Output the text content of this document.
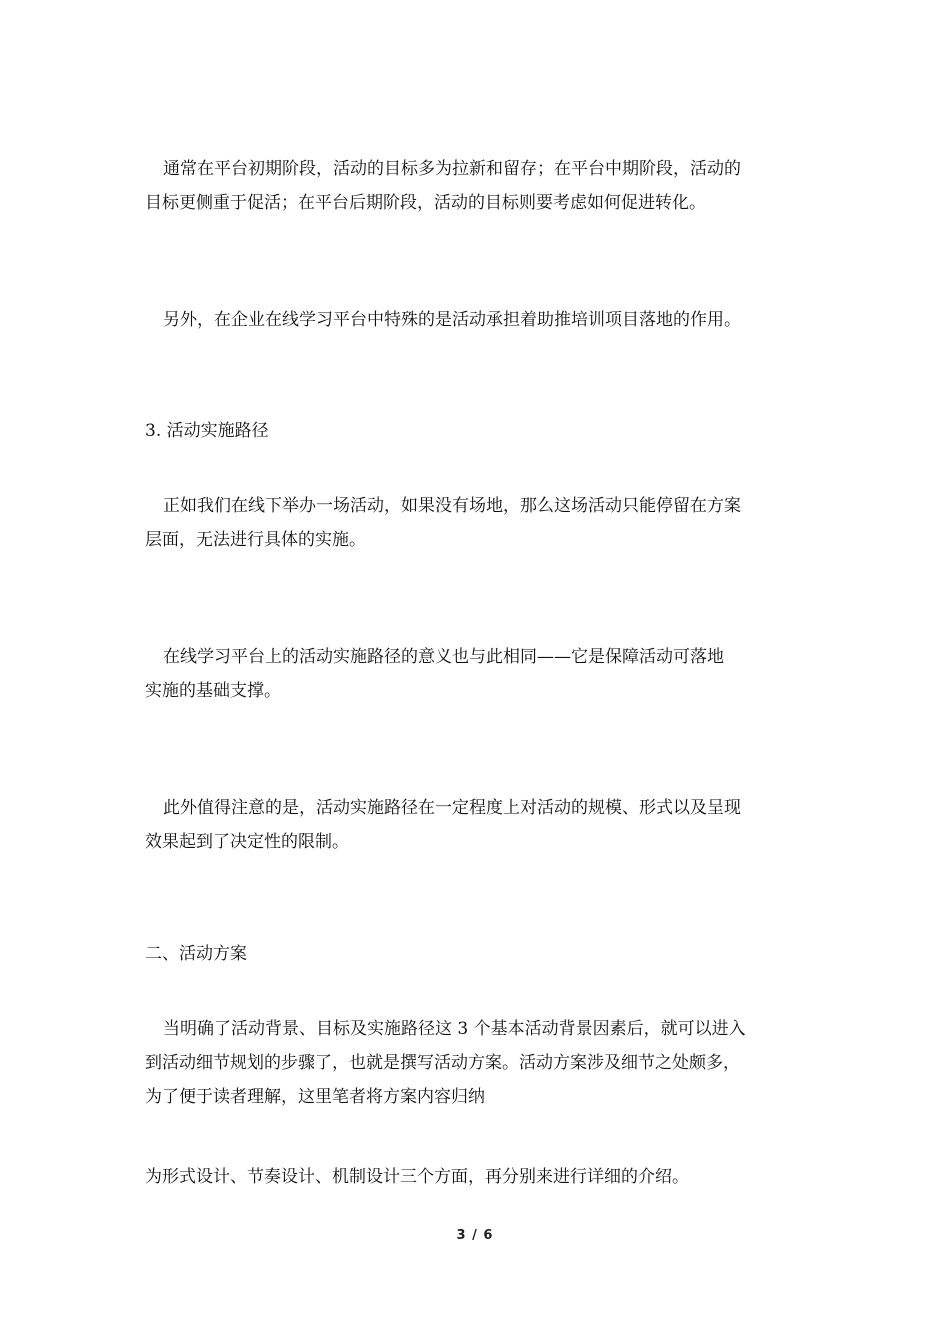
通常在平台初期阶段，活动的目标多为拉新和留存；在平台中期阶段，活动的
目标更侧重于促活；在平台后期阶段，活动的目标则要考虑如何促进转化。
另外，在企业在线学习平台中特殊的是活动承担着助推培训项目落地的作用。
3. 活动实施路径
正如我们在线下举办一场活动，如果没有场地，那么这场活动只能停留在方案
层面，无法进行具体的实施。
在线学习平台上的活动实施路径的意义也与此相同——它是保障活动可落地
实施的基础支撑。
此外值得注意的是，活动实施路径在一定程度上对活动的规模、形式以及呈现
效果起到了决定性的限制。
二、活动方案
当明确了活动背景、目标及实施路径这 3 个基本活动背景因素后，就可以进入
到活动细节规划的步骤了，也就是撰写活动方案。活动方案涉及细节之处颇多，
为了便于读者理解，这里笔者将方案内容归纳
为形式设计、节奏设计、机制设计三个方面，再分别来进行详细的介绍。
3 / 6
